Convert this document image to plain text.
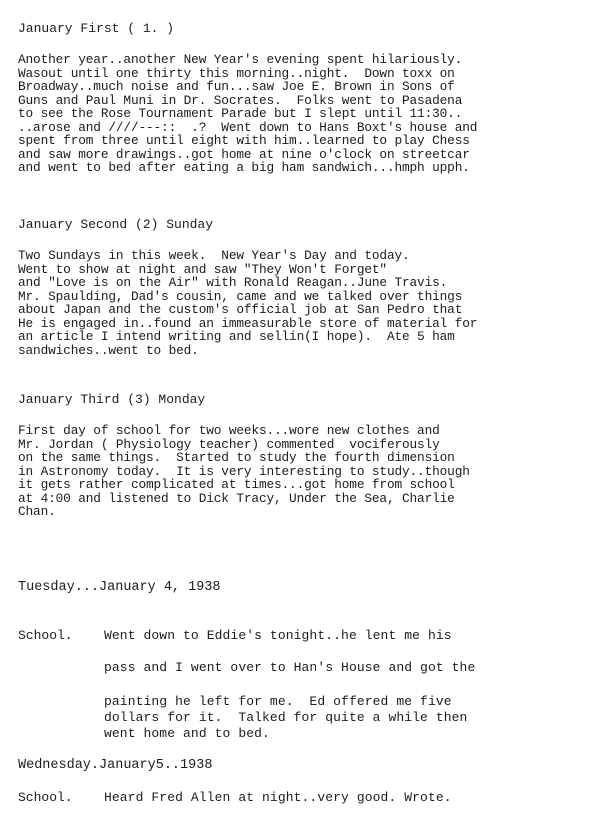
January First ( 1. )
Another year..another New Year's evening spent hilariously.
Wasout until one thirty this morning..night.  Down toxx on
Broadway..much noise and fun...saw Joe E. Brown in Sons of
Guns and Paul Muni in Dr. Socrates.  Folks went to Pasadena
to see the Rose Tournament Parade but I slept until 11:30..
..arose and ////---::  .?  Went down to Hans Boxt's house and
spent from three until eight with him..learned to play Chess
and saw more drawings..got home at nine o'clock on streetcar
and went to bed after eating a big ham sandwich...hmph upph.
January Second (2) Sunday
Two Sundays in this week.  New Year's Day and today.
Went to show at night and saw "They Won't Forget"
and "Love is on the Air" with Ronald Reagan..June Travis.
Mr. Spaulding, Dad's cousin, came and we talked over things
about Japan and the custom's official job at San Pedro that
He is engaged in..found an immeasurable store of material for
an article I intend writing and sellin(I hope).  Ate 5 ham
sandwiches..went to bed.
January Third (3) Monday
First day of school for two weeks...wore new clothes and
Mr. Jordan ( Physiology teacher) commented  vociferously
on the same things.  Started to study the fourth dimension
in Astronomy today.  It is very interesting to study..though
it gets rather complicated at times...got home from school
at 4:00 and listened to Dick Tracy, Under the Sea, Charlie
Chan.
Tuesday...January 4, 1938
School. Went down to Eddie's tonight..he lent me his
pass and I went over to Han's House and got the
painting he left for me.  Ed offered me five
dollars for it.  Talked for quite a while then
went home and to bed.
Wednesday.January5..1938
School. Heard Fred Allen at night..very good. Wrote.
